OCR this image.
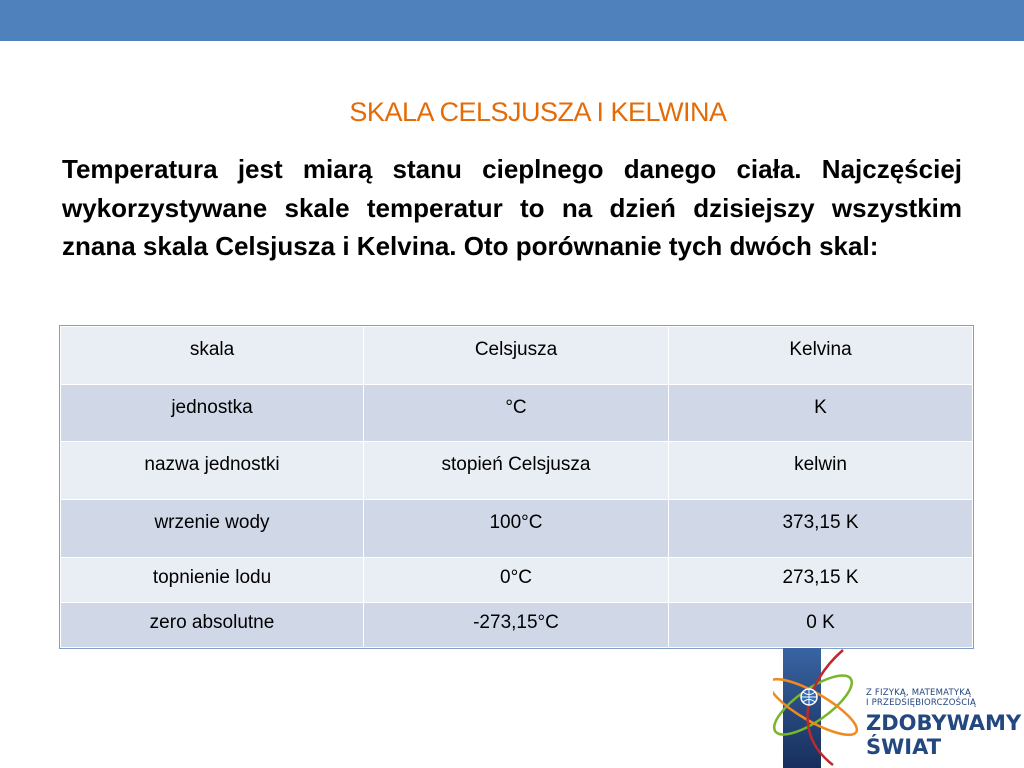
SKALA CELSJUSZA I KELWINA

Temperatura jest miarą stanu cieplnego danego ciała. Najczęściej wykorzystywane skale temperatur to na dzień dzisiejszy wszystkim znana skala Celsjusza i Kelvina. Oto porównanie tych dwóch skal:

skala	Celsjusza	Kelvina
jednostka	°C	K
nazwa jednostki	stopień Celsjusza	kelwin
wrzenie wody	100°C	373,15 K
topnienie lodu	0°C	273,15 K
zero absolutne	-273,15°C	0 K
Z FIZYKĄ, MATEMATYKĄ
I PRZEDSIĘBIORCZOŚCIĄ
ZDOBYWAMY
ŚWIAT
